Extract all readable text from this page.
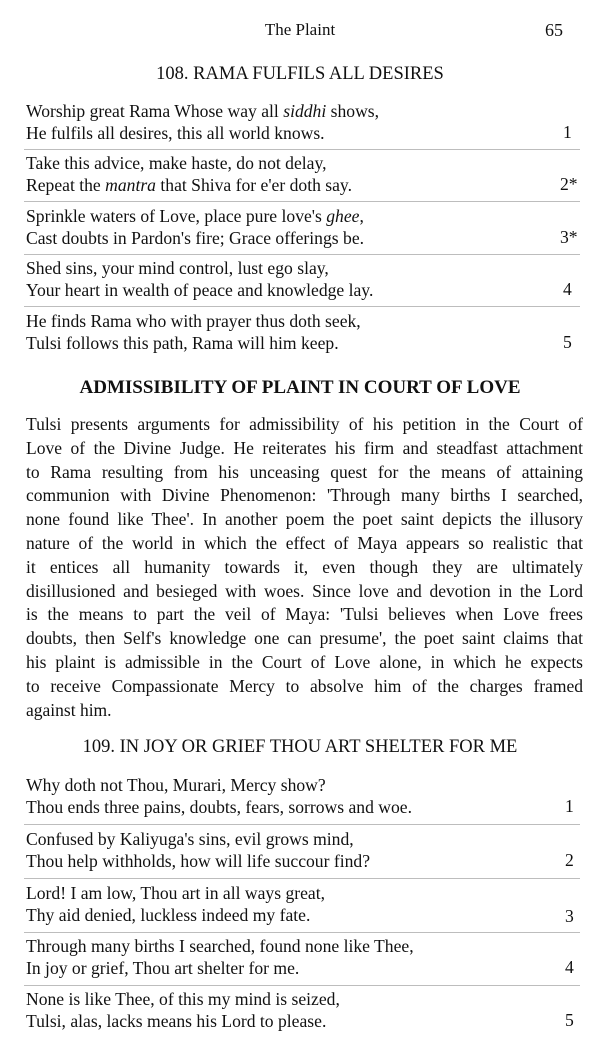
The Plaint	65
108. RAMA FULFILS ALL DESIRES
Worship great Rama Whose way all siddhi shows,
He fulfils all desires, this all world knows.	1
Take this advice, make haste, do not delay,
Repeat the mantra that Shiva for e'er doth say.	2*
Sprinkle waters of Love, place pure love's ghee,
Cast doubts in Pardon's fire; Grace offerings be.	3*
Shed sins, your mind control, lust ego slay,
Your heart in wealth of peace and knowledge lay.	4
He finds Rama who with prayer thus doth seek,
Tulsi follows this path, Rama will him keep.	5
ADMISSIBILITY OF PLAINT IN COURT OF LOVE
Tulsi presents arguments for admissibility of his petition in the Court of
Love of the Divine Judge. He reiterates his firm and steadfast attachment
to Rama resulting from his unceasing quest for the means of attaining
communion with Divine Phenomenon: 'Through many births I searched,
none found like Thee'. In another poem the poet saint depicts the illusory
nature of the world in which the effect of Maya appears so realistic that
it entices all humanity towards it, even though they are ultimately
disillusioned and besieged with woes. Since love and devotion in the Lord
is the means to part the veil of Maya: 'Tulsi believes when Love frees
doubts, then Self's knowledge one can presume', the poet saint claims that
his plaint is admissible in the Court of Love alone, in which he expects
to receive Compassionate Mercy to absolve him of the charges framed
against him.
109. IN JOY OR GRIEF THOU ART SHELTER FOR ME
Why doth not Thou, Murari, Mercy show?
Thou ends three pains, doubts, fears, sorrows and woe.	1
Confused by Kaliyuga's sins, evil grows mind,
Thou help withholds, how will life succour find?	2
Lord! I am low, Thou art in all ways great,
Thy aid denied, luckless indeed my fate.	3
Through many births I searched, found none like Thee,
In joy or grief, Thou art shelter for me.	4
None is like Thee, of this my mind is seized,
Tulsi, alas, lacks means his Lord to please.	5
